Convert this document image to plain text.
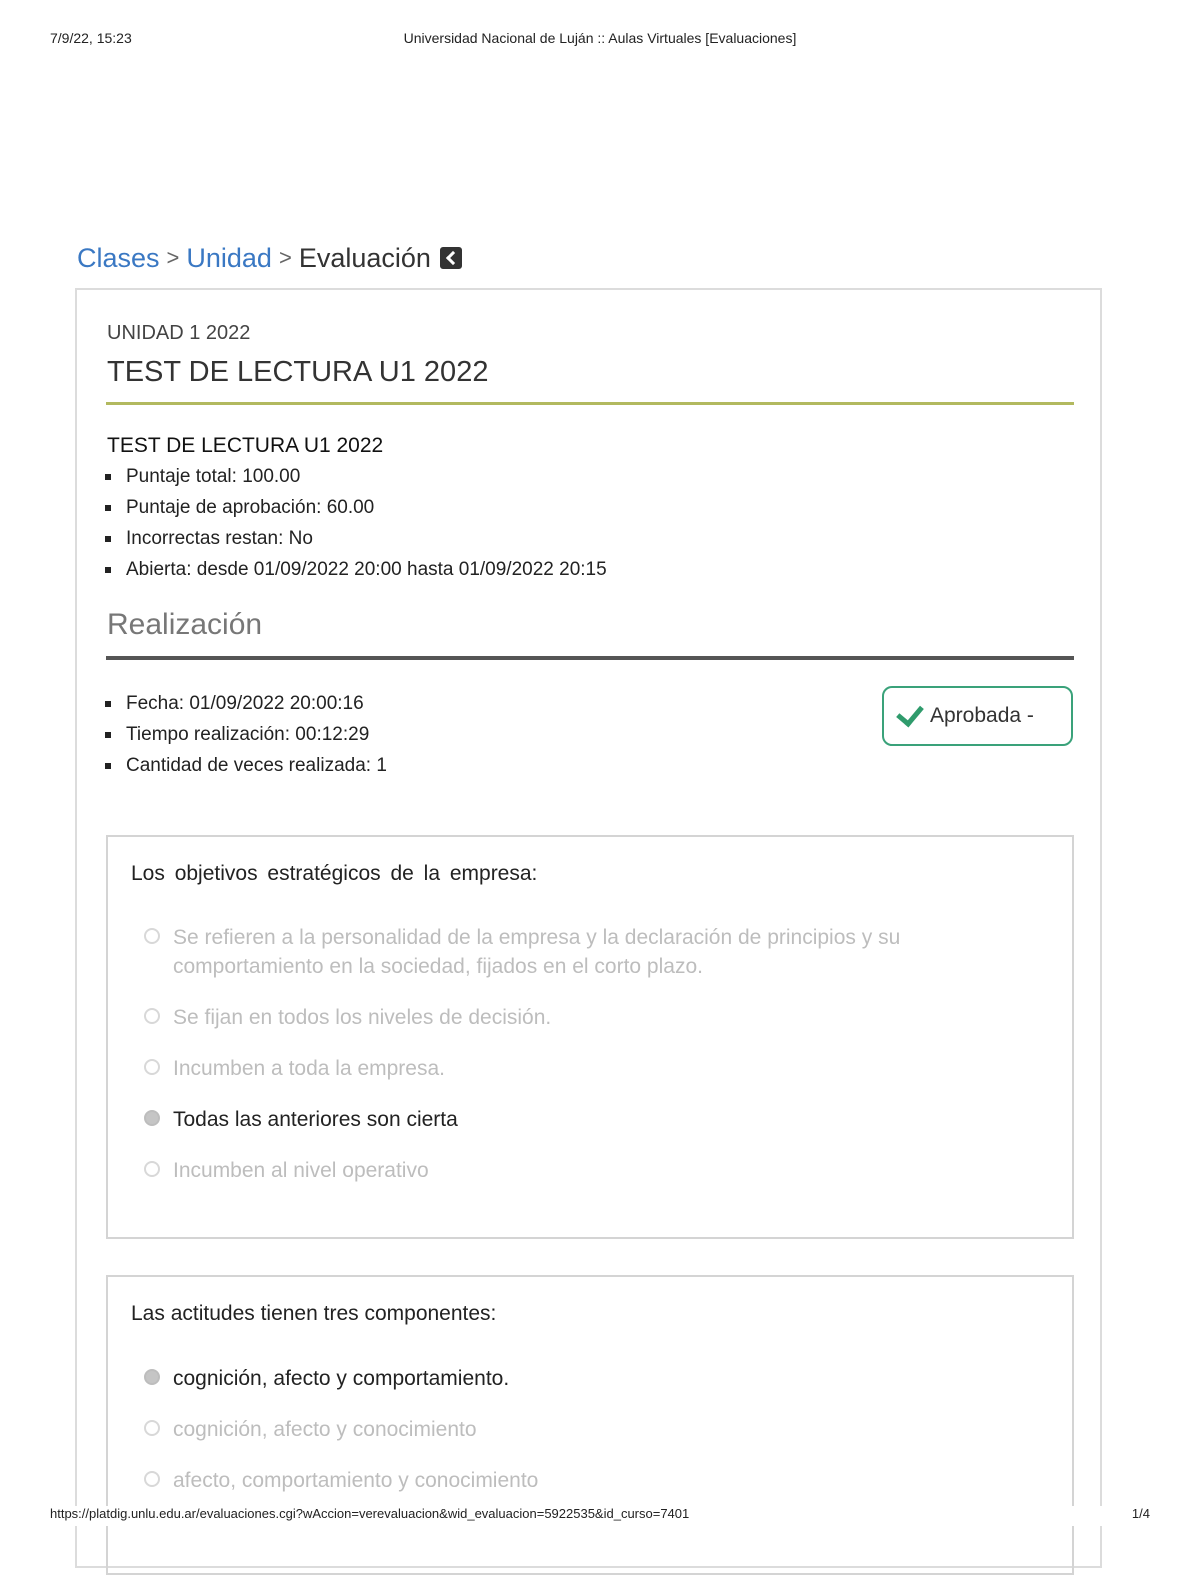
7/9/22, 15:23	Universidad Nacional de Luján :: Aulas Virtuales [Evaluaciones]
Clases > Unidad > Evaluación
UNIDAD 1 2022
TEST DE LECTURA U1 2022
TEST DE LECTURA U1 2022
Puntaje total: 100.00
Puntaje de aprobación: 60.00
Incorrectas restan: No
Abierta: desde 01/09/2022 20:00 hasta 01/09/2022 20:15
Realización
Fecha: 01/09/2022 20:00:16
Tiempo realización: 00:12:29
Cantidad de veces realizada: 1
Aprobada -
Los objetivos estratégicos de la empresa:
Se refieren a la personalidad de la empresa y la declaración de principios y su comportamiento en la sociedad, fijados en el corto plazo.
Se fijan en todos los niveles de decisión.
Incumben a toda la empresa.
Todas las anteriores son cierta
Incumben al nivel operativo
Las actitudes tienen tres componentes:
cognición, afecto y comportamiento.
cognición, afecto y conocimiento
afecto, comportamiento y conocimiento
https://platdig.unlu.edu.ar/evaluaciones.cgi?wAccion=verevaluacion&wid_evaluacion=5922535&id_curso=7401	1/4
